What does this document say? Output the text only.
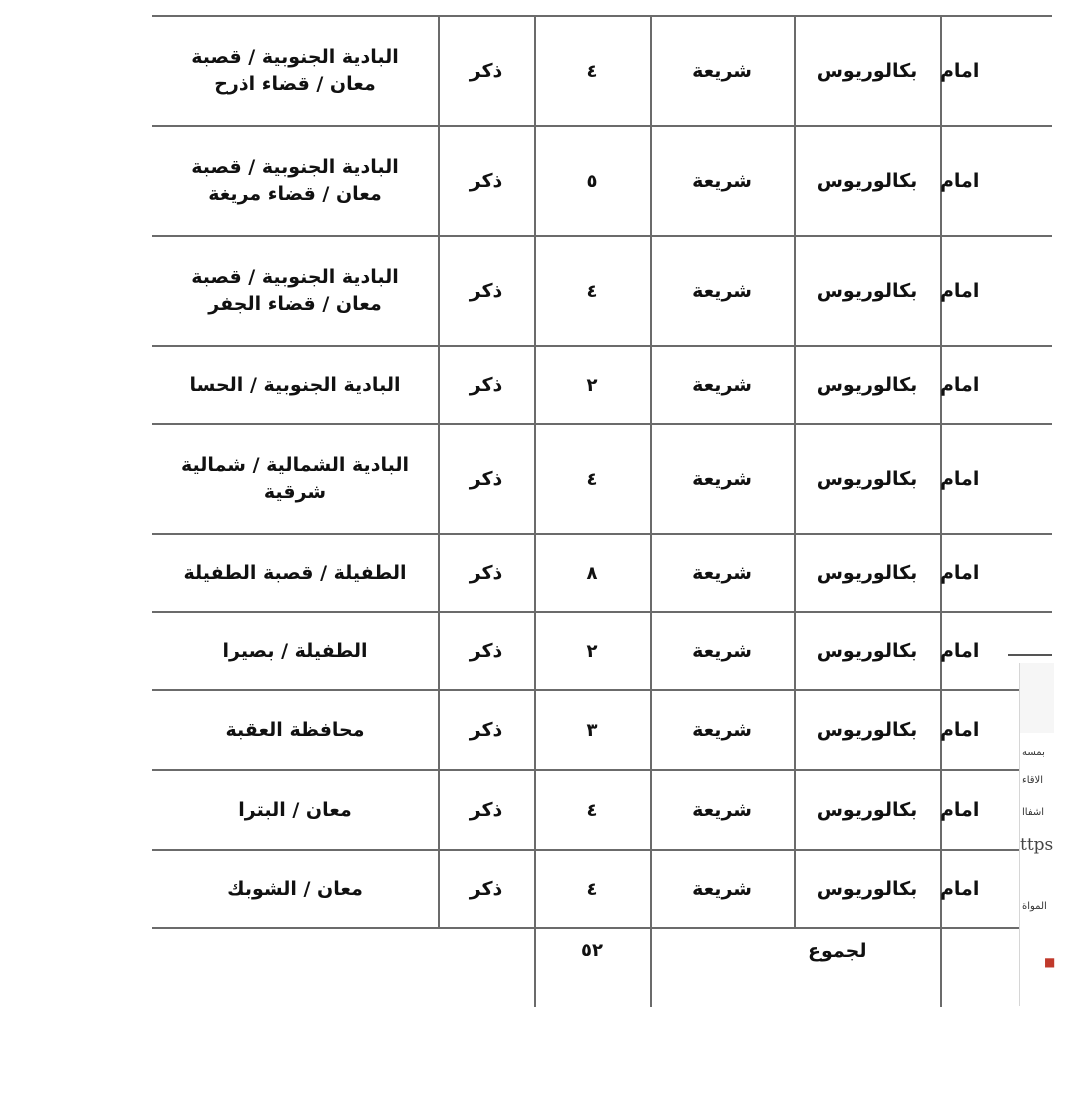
البادية الجنوبية / قصبة معان / قضاء اذرح
ذكر	٤	شريعة	بكالوريوس	امام
البادية الجنوبية / قصبة معان / قضاء مريغة
ذكر	٥	شريعة	بكالوريوس	امام
البادية الجنوبية / قصبة معان / قضاء الجفر
ذكر	٤	شريعة	بكالوريوس	امام
البادية الجنوبية / الحسا	ذكر	٢	شريعة	بكالوريوس	امام
البادية الشمالية / شمالية شرقية
ذكر	٤	شريعة	بكالوريوس	امام
الطفيلة / قصبة الطفيلة	ذكر	٨	شريعة	بكالوريوس	امام
الطفيلة / بصيرا	ذكر	٢	شريعة	بكالوريوس	امام
محافظة العقبة	ذكر	٣	شريعة	بكالوريوس	امام
معان / البترا	ذكر	٤	شريعة	بكالوريوس	امام
معان / الشوبك	ذكر	٤	شريعة	بكالوريوس	امام
٥٢	لجموع
بمسه
الاقاء
اشفاا
ttps
المواة
■
